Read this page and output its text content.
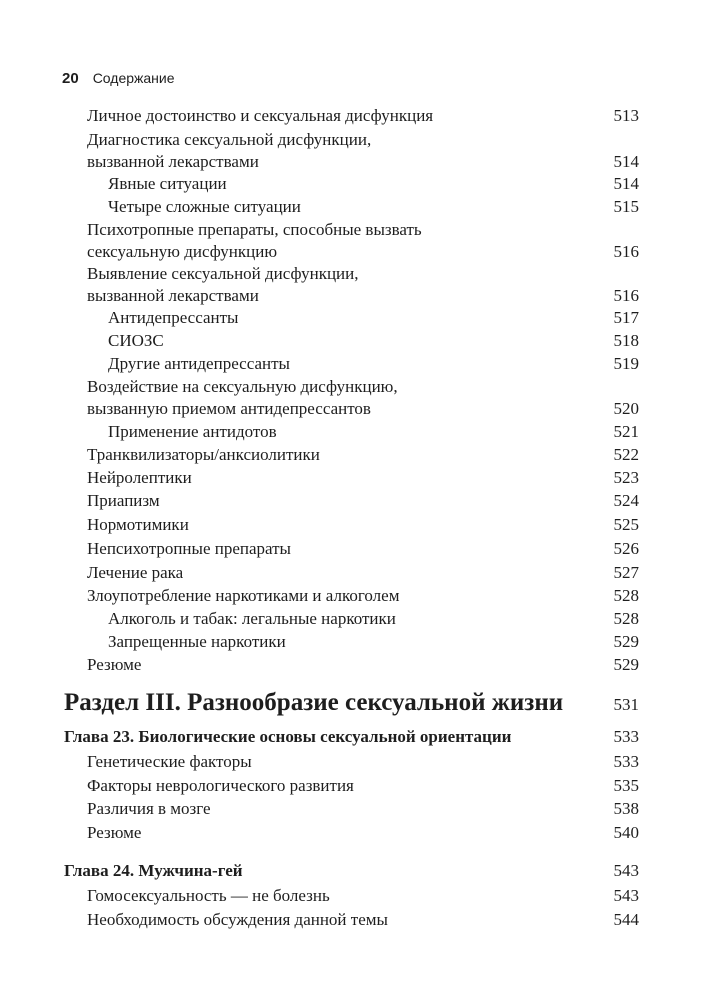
20 Содержание
Личное достоинство и сексуальная дисфункция	513
Диагностика сексуальной дисфункции,
вызванной лекарствами	514
Явные ситуации	514
Четыре сложные ситуации	515
Психотропные препараты, способные вызвать
сексуальную дисфункцию	516
Выявление сексуальной дисфункции,
вызванной лекарствами	516
Антидепрессанты	517
СИОЗС	518
Другие антидепрессанты	519
Воздействие на сексуальную дисфункцию,
вызванную приемом антидепрессантов	520
Применение антидотов	521
Транквилизаторы/анксиолитики	522
Нейролептики	523
Приапизм	524
Нормотимики	525
Непсихотропные препараты	526
Лечение рака	527
Злоупотребление наркотиками и алкоголем	528
Алкоголь и табак: легальные наркотики	528
Запрещенные наркотики	529
Резюме	529
Раздел III. Разнообразие сексуальной жизни	531
Глава 23. Биологические основы сексуальной ориентации	533
Генетические факторы	533
Факторы неврологического развития	535
Различия в мозге	538
Резюме	540
Глава 24. Мужчина-гей	543
Гомосексуальность — не болезнь	543
Необходимость обсуждения данной темы	544
